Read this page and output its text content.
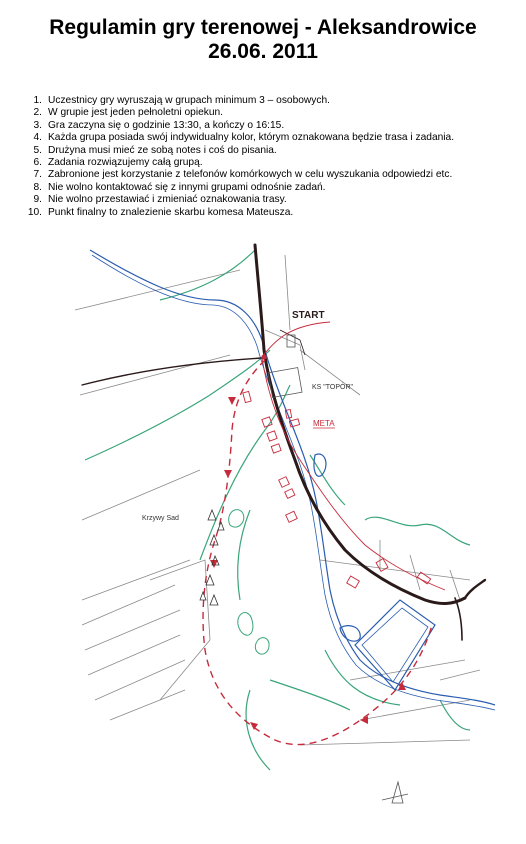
Regulamin gry terenowej - Aleksandrowice
26.06. 2011
1. Uczestnicy gry wyruszają w grupach minimum 3 – osobowych.
2. W grupie jest jeden pełnoletni opiekun.
3. Gra zaczyna się o godzinie 13:30, a kończy o 16:15.
4. Każda grupa posiada swój indywidualny kolor, którym oznakowana będzie trasa i zadania.
5. Drużyna musi mieć ze sobą notes i coś do pisania.
6. Zadania rozwiązujemy całą grupą.
7. Zabronione jest korzystanie z telefonów komórkowych w celu wyszukania odpowiedzi etc.
8. Nie wolno kontaktować się z innymi grupami odnośnie zadań.
9. Nie wolno przestawiać i zmieniać oznakowania trasy.
10. Punkt finalny to znalezienie skarbu komesa Mateusza.
START
KS "TOPÓR"
META
Krzywy Sad
